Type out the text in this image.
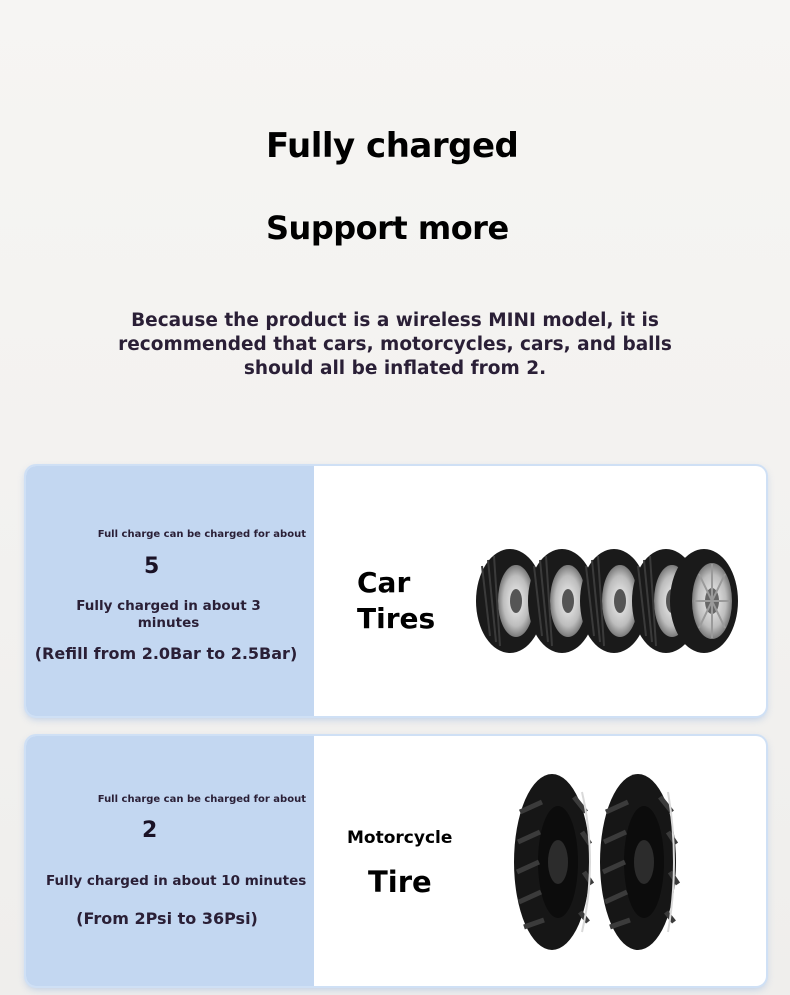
Fully charged
Support more

Because the product is a wireless MINI model, it is
recommended that cars, motorcycles, cars, and balls
should all be inflated from 2.

Full charge can be charged for about
5
Fully charged in about 3
minutes
(Refill from 2.0Bar to 2.5Bar)
Car
Tires
Full charge can be charged for about
2
Fully charged in about 10 minutes
(From 2Psi to 36Psi)
Motorcycle
Tire
